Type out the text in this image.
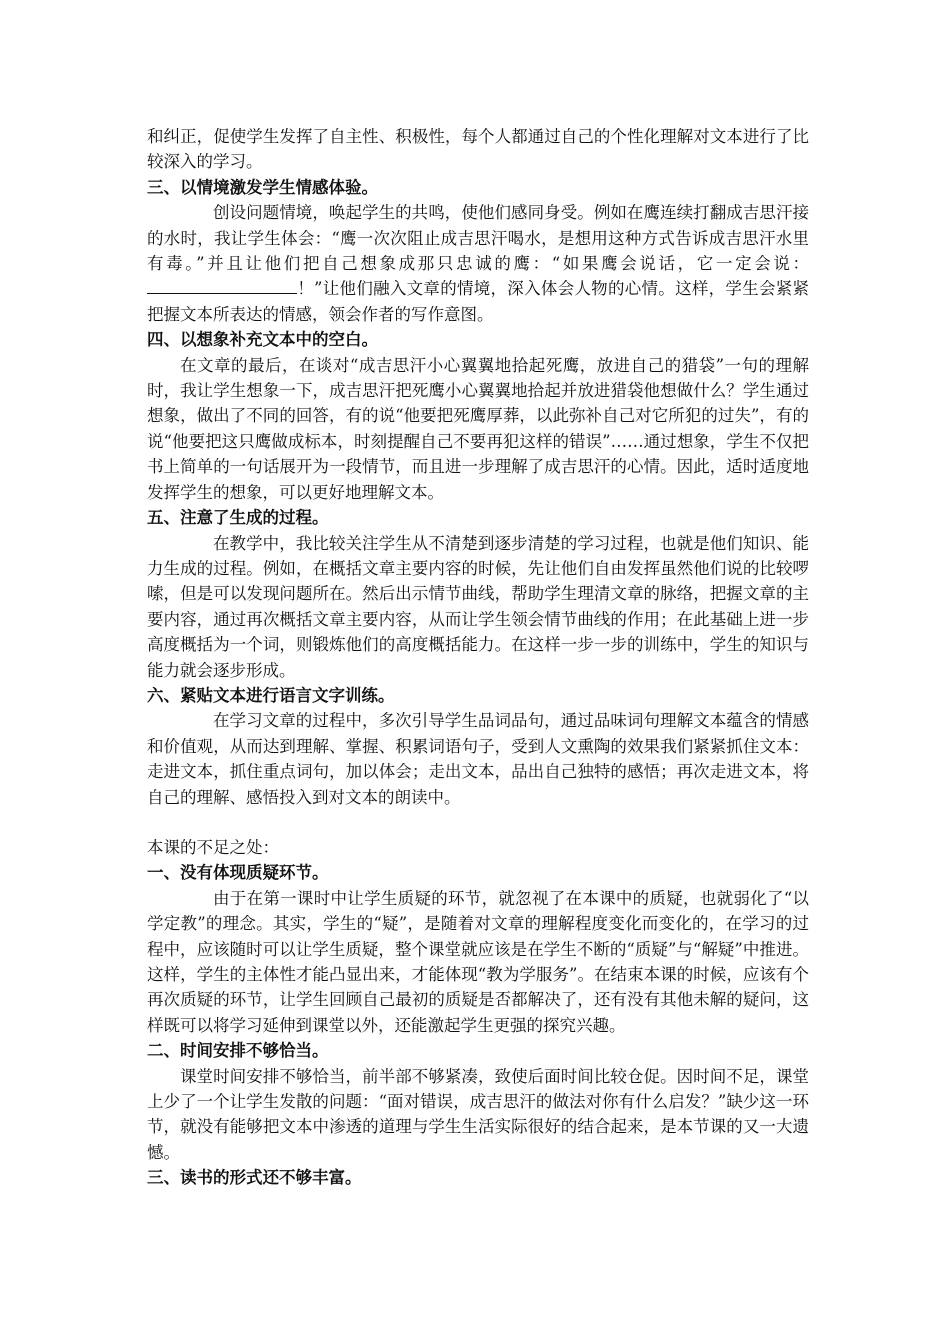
和纠正，促使学生发挥了自主性、积极性，每个人都通过自己的个性化理解对文本进行了比较深入的学习。

三、以情境激发学生情感体验。

创设问题情境，唤起学生的共鸣，使他们感同身受。例如在鹰连续打翻成吉思汗接的水时，我让学生体会：“鹰一次次阻止成吉思汗喝水，是想用这种方式告诉成吉思汗水里有毒。”并且让他们把自己想象成那只忠诚的鹰：“如果鹰会说话，它一定会说：！”让他们融入文章的情境，深入体会人物的心情。这样，学生会紧紧把握文本所表达的情感，领会作者的写作意图。

四、以想象补充文本中的空白。

在文章的最后，在谈对“成吉思汗小心翼翼地拾起死鹰，放进自己的猎袋”一句的理解时，我让学生想象一下，成吉思汗把死鹰小心翼翼地拾起并放进猎袋他想做什么？学生通过想象，做出了不同的回答，有的说“他要把死鹰厚葬，以此弥补自己对它所犯的过失”，有的说“他要把这只鹰做成标本，时刻提醒自己不要再犯这样的错误”……通过想象，学生不仅把书上简单的一句话展开为一段情节，而且进一步理解了成吉思汗的心情。因此，适时适度地发挥学生的想象，可以更好地理解文本。

五、注意了生成的过程。

在教学中，我比较关注学生从不清楚到逐步清楚的学习过程，也就是他们知识、能力生成的过程。例如，在概括文章主要内容的时候，先让他们自由发挥虽然他们说的比较啰嗦，但是可以发现问题所在。然后出示情节曲线，帮助学生理清文章的脉络，把握文章的主要内容，通过再次概括文章主要内容，从而让学生领会情节曲线的作用；在此基础上进一步高度概括为一个词，则锻炼他们的高度概括能力。在这样一步一步的训练中，学生的知识与能力就会逐步形成。

六、紧贴文本进行语言文字训练。

在学习文章的过程中，多次引导学生品词品句，通过品味词句理解文本蕴含的情感和价值观，从而达到理解、掌握、积累词语句子，受到人文熏陶的效果我们紧紧抓住文本：走进文本，抓住重点词句，加以体会；走出文本，品出自己独特的感悟；再次走进文本，将自己的理解、感悟投入到对文本的朗读中。

本课的不足之处：

一、没有体现质疑环节。

由于在第一课时中让学生质疑的环节，就忽视了在本课中的质疑，也就弱化了“以学定教”的理念。其实，学生的“疑”，是随着对文章的理解程度变化而变化的，在学习的过程中，应该随时可以让学生质疑，整个课堂就应该是在学生不断的“质疑”与“解疑”中推进。这样，学生的主体性才能凸显出来，才能体现“教为学服务”。在结束本课的时候，应该有个再次质疑的环节，让学生回顾自己最初的质疑是否都解决了，还有没有其他未解的疑问，这样既可以将学习延伸到课堂以外，还能激起学生更强的探究兴趣。

二、时间安排不够恰当。

课堂时间安排不够恰当，前半部不够紧凑，致使后面时间比较仓促。因时间不足，课堂上少了一个让学生发散的问题：“面对错误，成吉思汗的做法对你有什么启发？”缺少这一环节，就没有能够把文本中渗透的道理与学生生活实际很好的结合起来，是本节课的又一大遗憾。

三、读书的形式还不够丰富。
